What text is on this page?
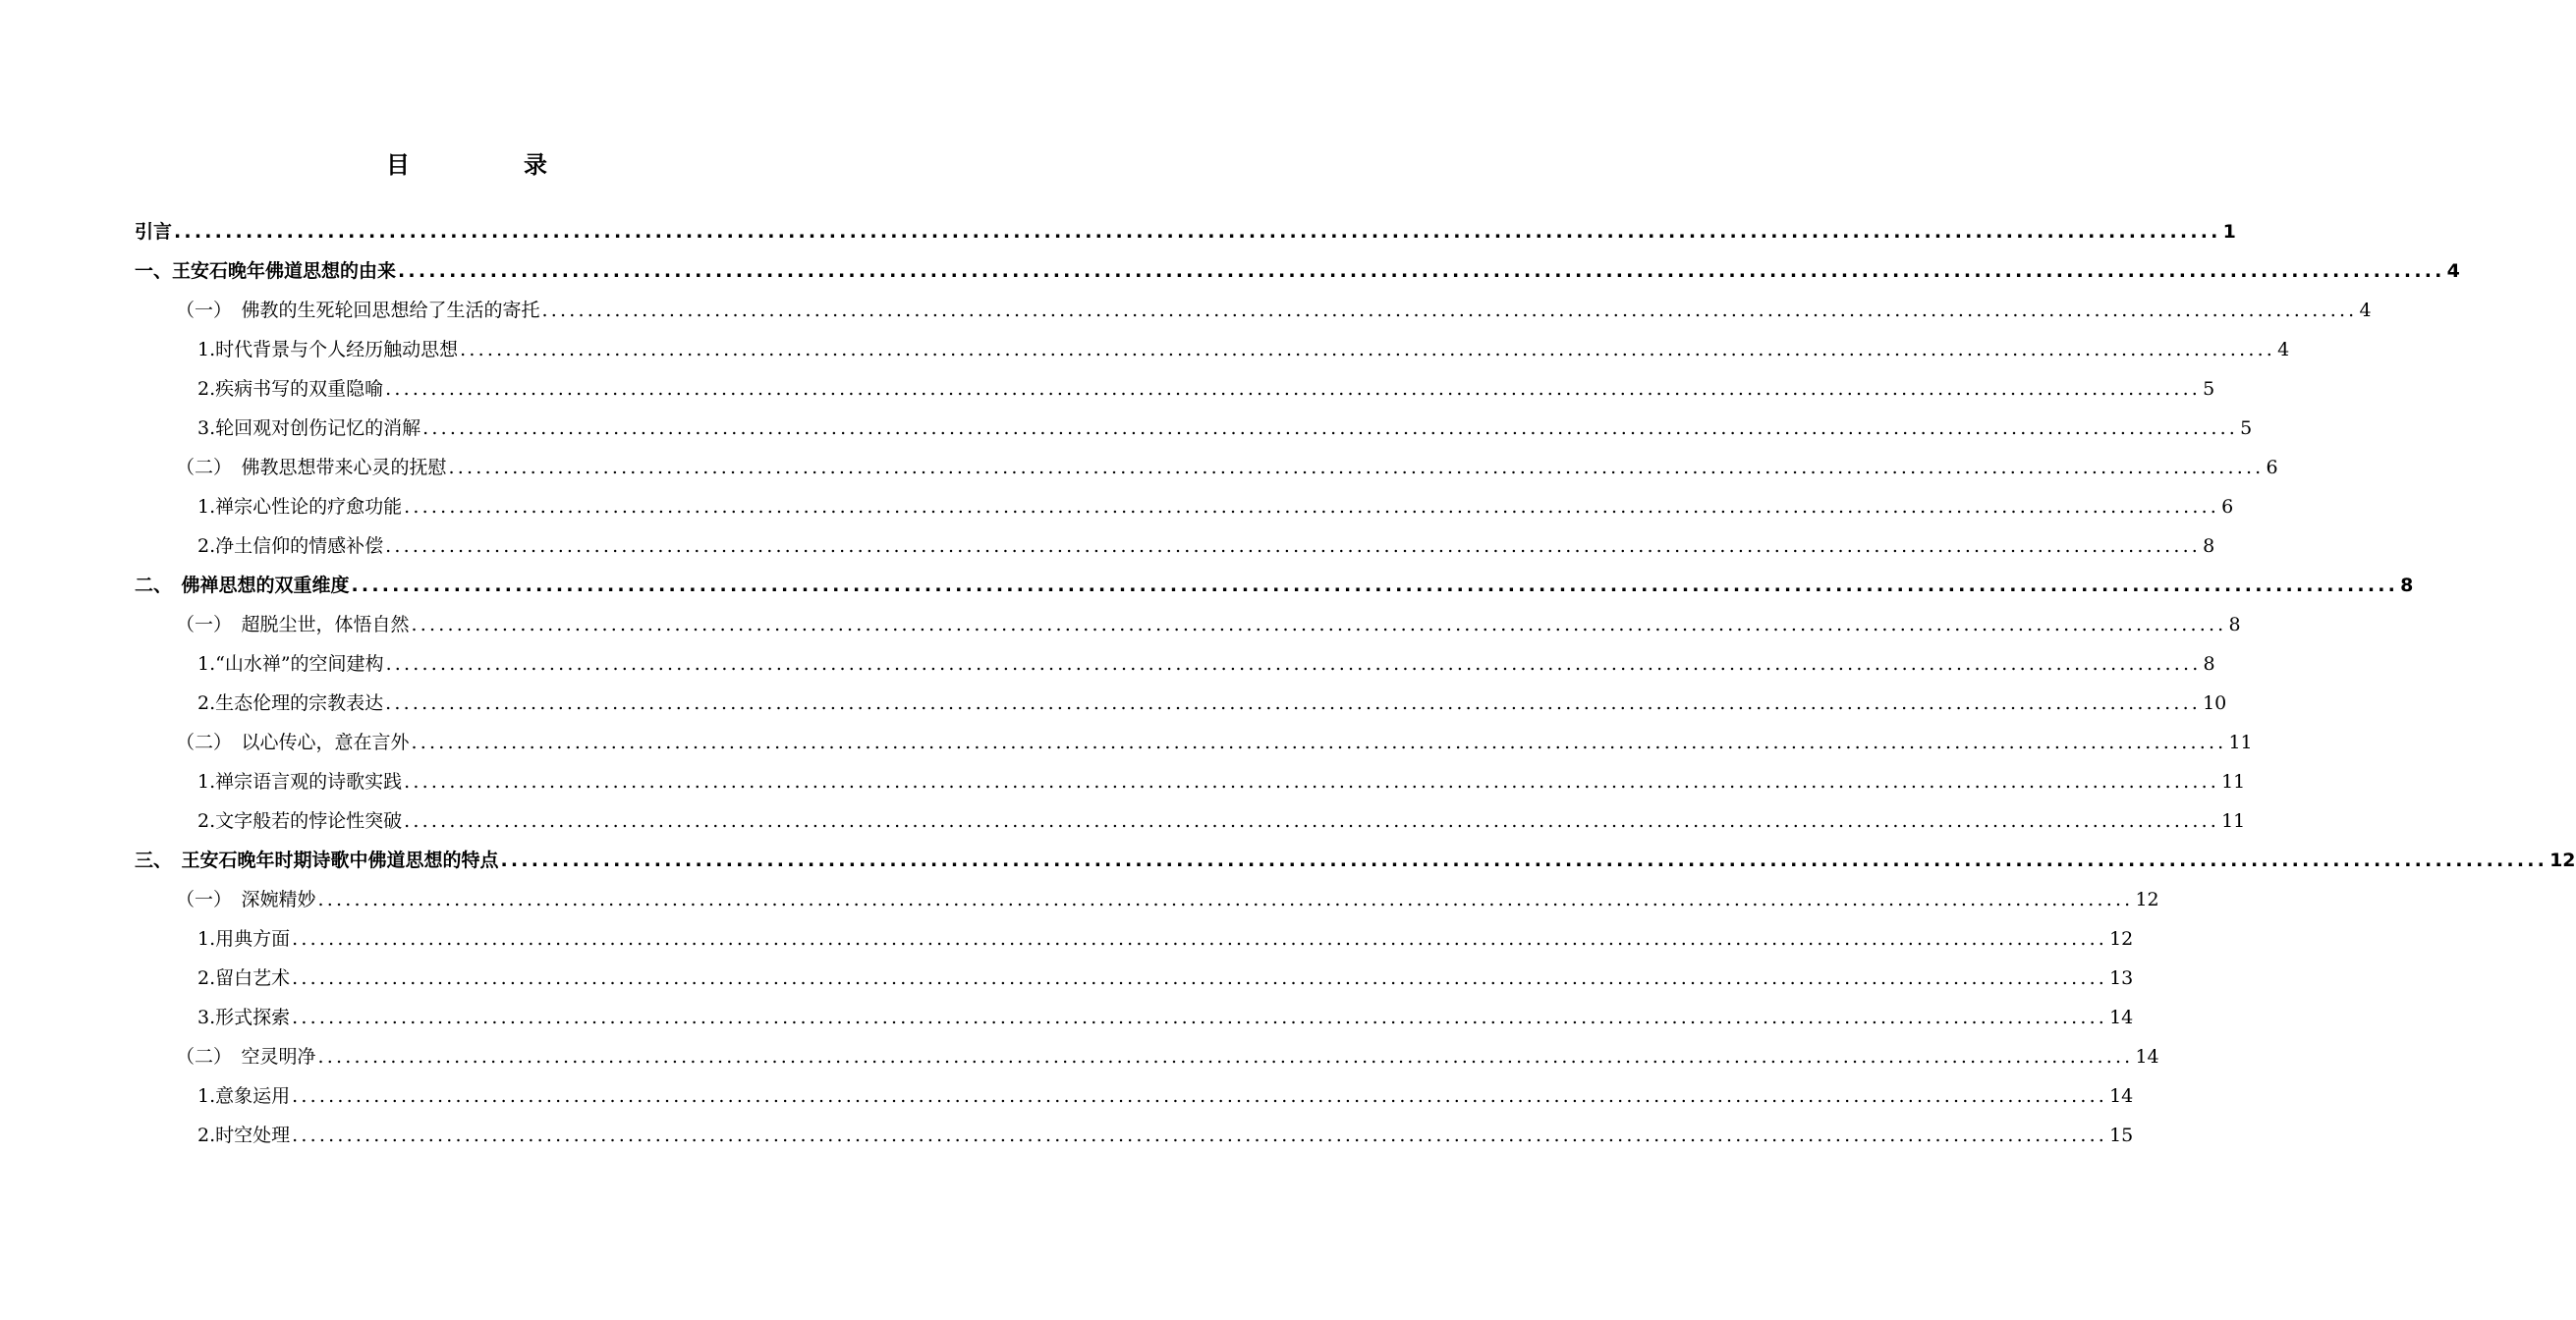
目　录
引言 ........................................................................................................................................................................................................ 1
一、王安石晚年佛道思想的由来 ........................................................................................................................................................................................................ 4
（一）　佛教的生死轮回思想给了生活的寄托 ........................................................................................................................................................................................................ 4
1.时代背景与个人经历触动思想 ........................................................................................................................................................................................................ 4
2.疾病书写的双重隐喻 ........................................................................................................................................................................................................ 5
3.轮回观对创伤记忆的消解 ........................................................................................................................................................................................................ 5
（二）　佛教思想带来心灵的抚慰 ........................................................................................................................................................................................................ 6
1.禅宗心性论的疗愈功能 ........................................................................................................................................................................................................ 6
2.净土信仰的情感补偿 ........................................................................................................................................................................................................ 8
二、　佛禅思想的双重维度 ........................................................................................................................................................................................................ 8
（一）　超脱尘世，体悟自然 ........................................................................................................................................................................................................ 8
1.“山水禅”的空间建构 ........................................................................................................................................................................................................ 8
2.生态伦理的宗教表达 ........................................................................................................................................................................................................ 10
（二）　以心传心，意在言外 ........................................................................................................................................................................................................ 11
1.禅宗语言观的诗歌实践 ........................................................................................................................................................................................................ 11
2.文字般若的悖论性突破 ........................................................................................................................................................................................................ 11
三、　王安石晚年时期诗歌中佛道思想的特点 ........................................................................................................................................................................................................ 12
（一）　深婉精妙 ........................................................................................................................................................................................................ 12
1.用典方面 ........................................................................................................................................................................................................ 12
2.留白艺术 ........................................................................................................................................................................................................ 13
3.形式探索 ........................................................................................................................................................................................................ 14
（二）　空灵明净 ........................................................................................................................................................................................................ 14
1.意象运用 ........................................................................................................................................................................................................ 14
2.时空处理 ........................................................................................................................................................................................................ 15
